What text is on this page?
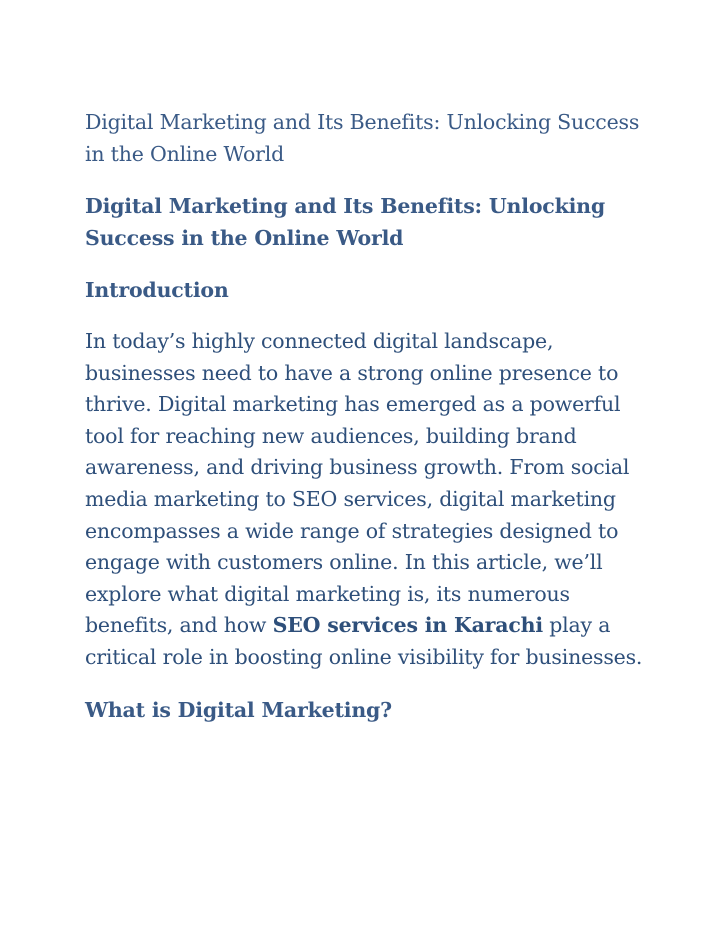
Digital Marketing and Its Benefits: Unlocking Success in the Online World

Digital Marketing and Its Benefits: Unlocking Success in the Online World
Introduction

In today’s highly connected digital landscape, businesses need to have a strong online presence to thrive. Digital marketing has emerged as a powerful tool for reaching new audiences, building brand awareness, and driving business growth. From social media marketing to SEO services, digital marketing encompasses a wide range of strategies designed to engage with customers online. In this article, we’ll explore what digital marketing is, its numerous benefits, and how SEO services in Karachi play a critical role in boosting online visibility for businesses.

What is Digital Marketing?
